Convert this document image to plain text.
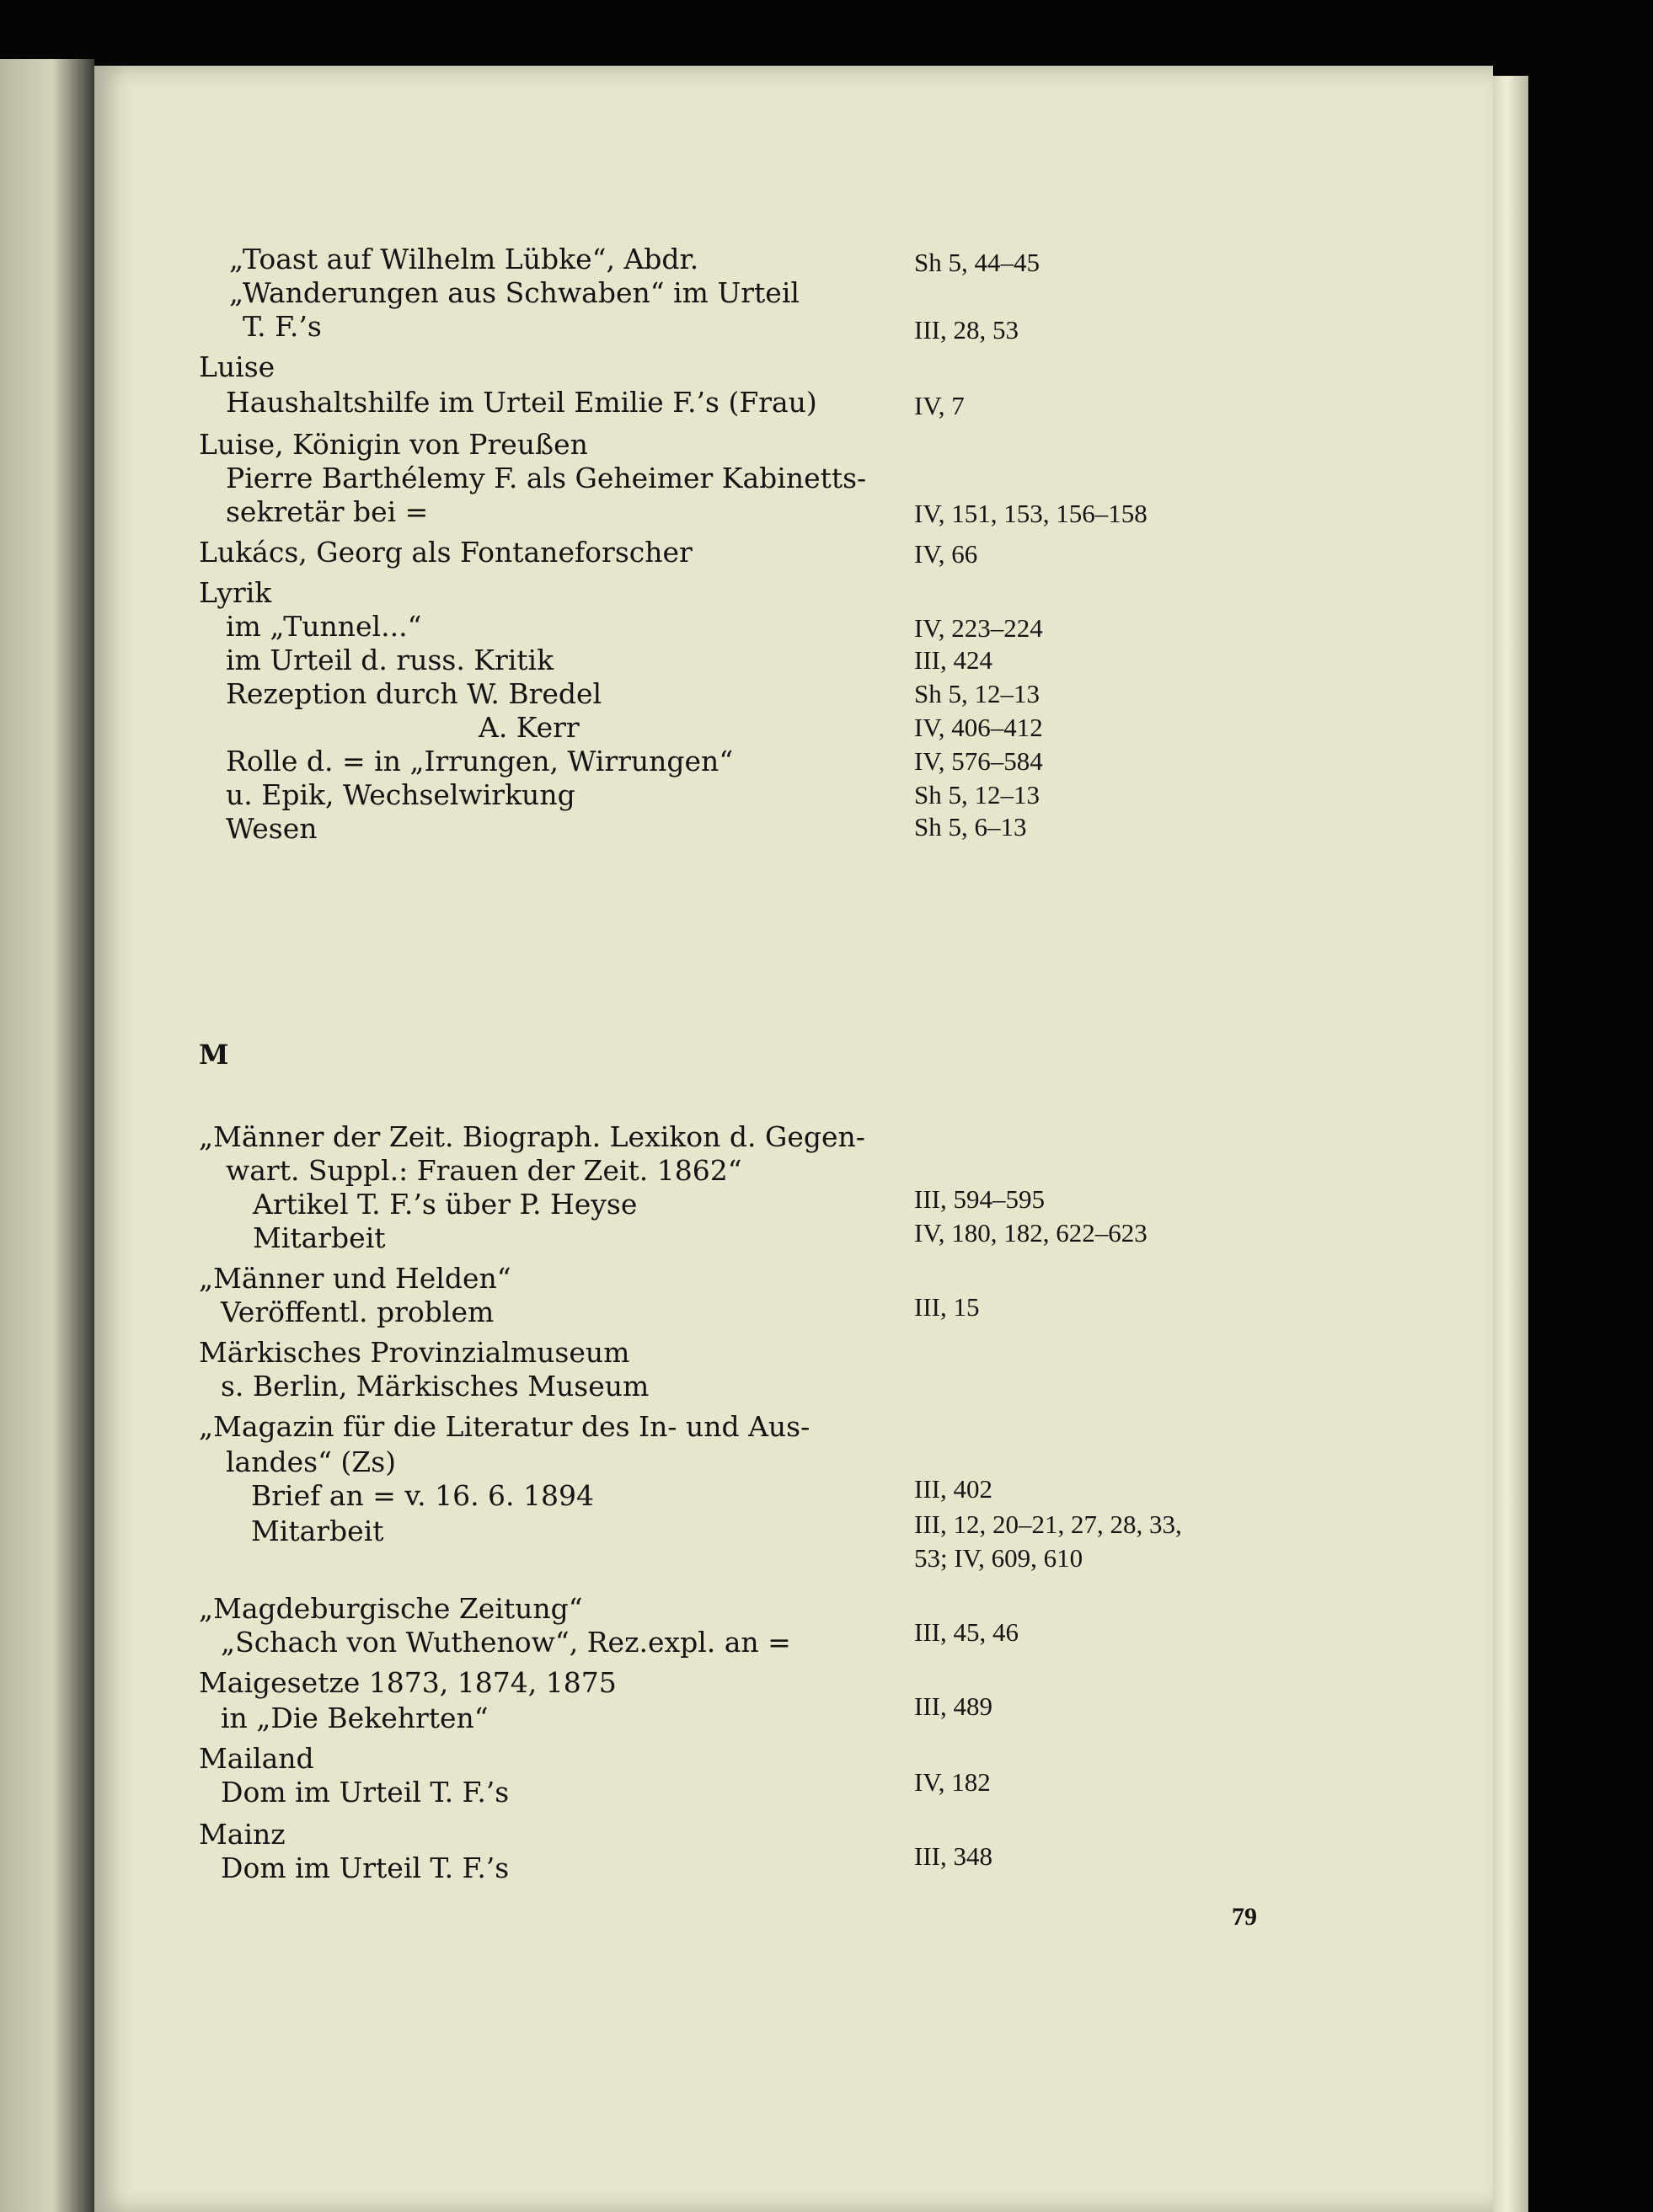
„Toast auf Wilhelm Lübke“, Abdr.

„Wanderungen aus Schwaben“ im Urteil

T. F.’s

Luise

Haushaltshilfe im Urteil Emilie F.’s (Frau)

Luise, Königin von Preußen

Pierre Barthélemy F. als Geheimer Kabinetts-

sekretär bei =

Lukács, Georg als Fontaneforscher

Lyrik

im „Tunnel...“

im Urteil d. russ. Kritik

Rezeption durch W. Bredel

A. Kerr

Rolle d. = in „Irrungen, Wirrungen“

u. Epik, Wechselwirkung

Wesen

M

„Männer der Zeit. Biograph. Lexikon d. Gegen-

wart. Suppl.: Frauen der Zeit. 1862“

Artikel T. F.’s über P. Heyse

Mitarbeit

„Männer und Helden“

Veröffentl. problem

Märkisches Provinzialmuseum

s. Berlin, Märkisches Museum

„Magazin für die Literatur des In- und Aus-

landes“ (Zs)

Brief an = v. 16. 6. 1894

Mitarbeit

„Magdeburgische Zeitung“

„Schach von Wuthenow“, Rez.expl. an =

Maigesetze 1873, 1874, 1875

in „Die Bekehrten“

Mailand

Dom im Urteil T. F.’s

Mainz

Dom im Urteil T. F.’s

Sh 5, 44–45

III, 28, 53

IV, 7

IV, 151, 153, 156–158

IV, 66

IV, 223–224

III, 424

Sh 5, 12–13

IV, 406–412

IV, 576–584

Sh 5, 12–13

Sh 5, 6–13

III, 594–595

IV, 180, 182, 622–623

III, 15

III, 402

III, 12, 20–21, 27, 28, 33,

53; IV, 609, 610

III, 45, 46

III, 489

IV, 182

III, 348

79
